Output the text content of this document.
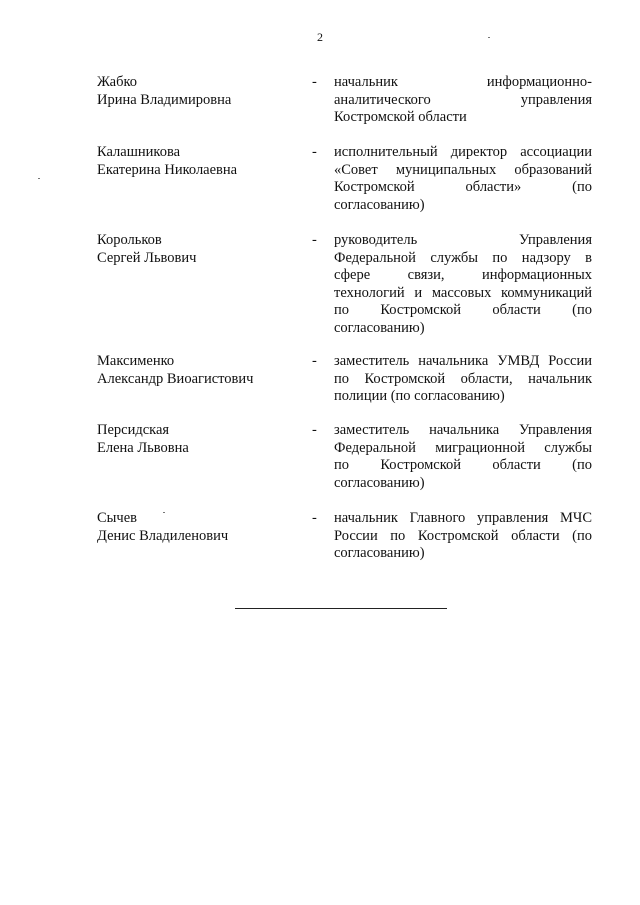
2
Жабко
Ирина Владимировна
-	начальник информационно-
аналитического управления
Костромской области
Калашникова
Екатерина Николаевна
-	исполнительный директор ассоциации
«Совет муниципальных образований
Костромской области» (по
согласованию)
Корольков
Сергей Львович
-	руководитель Управления
Федеральной службы по надзору в
сфере связи, информационных
технологий и массовых коммуникаций
по Костромской области (по
согласованию)
Максименко
Александр Виоагистович
-	заместитель начальника УМВД России
по Костромской области, начальник
полиции (по согласованию)
Персидская
Елена Львовна
-	заместитель начальника Управления
Федеральной миграционной службы
по Костромской области (по
согласованию)
Сычев
Денис Владиленович
-	начальник Главного управления МЧС
России по Костромской области (по
согласованию)
